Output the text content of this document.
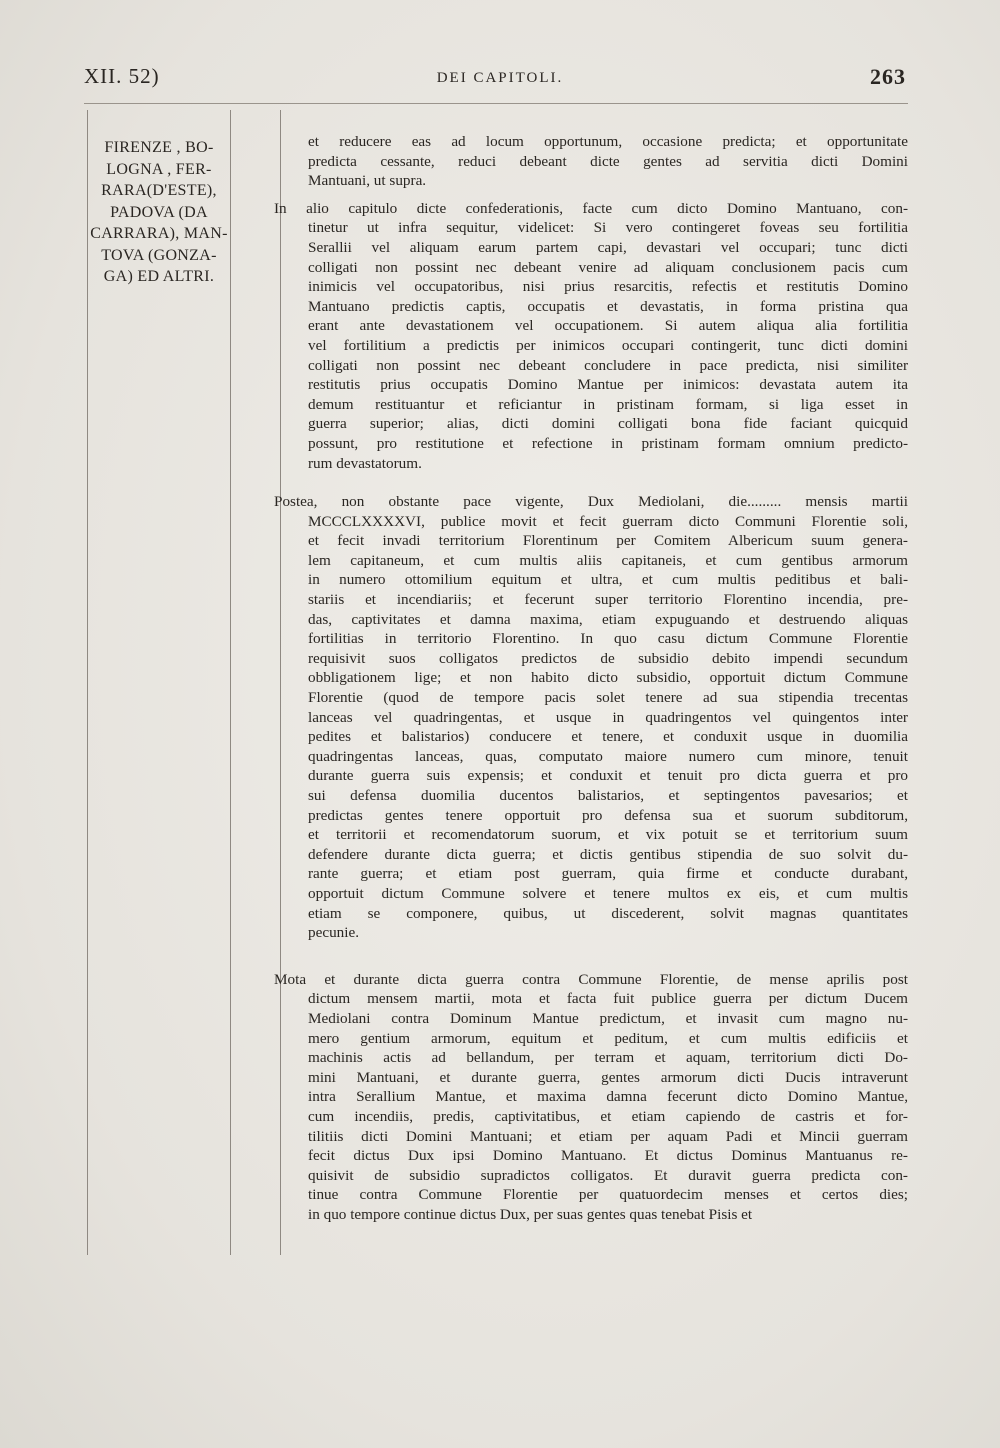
XII. 52)	DEI CAPITOLI.	263
FIRENZE , BO-
LOGNA , FER-
RARA(D'ESTE),
PADOVA (DA
CARRARA), MAN-
TOVA (GONZA-
GA) ED ALTRI.
et reducere eas ad locum opportunum, occasione predicta; et opportunitate
predicta cessante, reduci debeant dicte gentes ad servitia dicti Domini
Mantuani, ut supra.
In alio capitulo dicte confederationis, facte cum dicto Domino Mantuano, con-
tinetur ut infra sequitur, videlicet: Si vero contingeret foveas seu fortilitia
Serallii vel aliquam earum partem capi, devastari vel occupari; tunc dicti
colligati non possint nec debeant venire ad aliquam conclusionem pacis cum
inimicis vel occupatoribus, nisi prius resarcitis, refectis et restitutis Domino
Mantuano predictis captis, occupatis et devastatis, in forma pristina qua
erant ante devastationem vel occupationem. Si autem aliqua alia fortilitia
vel fortilitium a predictis per inimicos occupari contingerit, tunc dicti domini
colligati non possint nec debeant concludere in pace predicta, nisi similiter
restitutis prius occupatis Domino Mantue per inimicos: devastata autem ita
demum restituantur et reficiantur in pristinam formam, si liga esset in
guerra superior; alias, dicti domini colligati bona fide faciant quicquid
possunt, pro restitutione et refectione in pristinam formam omnium predicto-
rum devastatorum.
Postea, non obstante pace vigente, Dux Mediolani, die......... mensis martii
MCCCLXXXXVI, publice movit et fecit guerram dicto Communi Florentie soli,
et fecit invadi territorium Florentinum per Comitem Albericum suum genera-
lem capitaneum, et cum multis aliis capitaneis, et cum gentibus armorum
in numero ottomilium equitum et ultra, et cum multis peditibus et bali-
stariis et incendiariis; et fecerunt super territorio Florentino incendia, pre-
das, captivitates et damna maxima, etiam expuguando et destruendo aliquas
fortilitias in territorio Florentino. In quo casu dictum Commune Florentie
requisivit suos colligatos predictos de subsidio debito impendi secundum
obbligationem lige; et non habito dicto subsidio, opportuit dictum Commune
Florentie (quod de tempore pacis solet tenere ad sua stipendia trecentas
lanceas vel quadringentas, et usque in quadringentos vel quingentos inter
pedites et balistarios) conducere et tenere, et conduxit usque in duomilia
quadringentas lanceas, quas, computato maiore numero cum minore, tenuit
durante guerra suis expensis; et conduxit et tenuit pro dicta guerra et pro
sui defensa duomilia ducentos balistarios, et septingentos pavesarios; et
predictas gentes tenere opportuit pro defensa sua et suorum subditorum,
et territorii et recomendatorum suorum, et vix potuit se et territorium suum
defendere durante dicta guerra; et dictis gentibus stipendia de suo solvit du-
rante guerra; et etiam post guerram, quia firme et conducte durabant,
opportuit dictum Commune solvere et tenere multos ex eis, et cum multis
etiam se componere, quibus, ut discederent, solvit magnas quantitates
pecunie.
Mota et durante dicta guerra contra Commune Florentie, de mense aprilis post
dictum mensem martii, mota et facta fuit publice guerra per dictum Ducem
Mediolani contra Dominum Mantue predictum, et invasit cum magno nu-
mero gentium armorum, equitum et peditum, et cum multis edificiis et
machinis actis ad bellandum, per terram et aquam, territorium dicti Do-
mini Mantuani, et durante guerra, gentes armorum dicti Ducis intraverunt
intra Serallium Mantue, et maxima damna fecerunt dicto Domino Mantue,
cum incendiis, predis, captivitatibus, et etiam capiendo de castris et for-
tilitiis dicti Domini Mantuani; et etiam per aquam Padi et Mincii guerram
fecit dictus Dux ipsi Domino Mantuano. Et dictus Dominus Mantuanus re-
quisivit de subsidio supradictos colligatos. Et duravit guerra predicta con-
tinue contra Commune Florentie per quatuordecim menses et certos dies;
in quo tempore continue dictus Dux, per suas gentes quas tenebat Pisis et
